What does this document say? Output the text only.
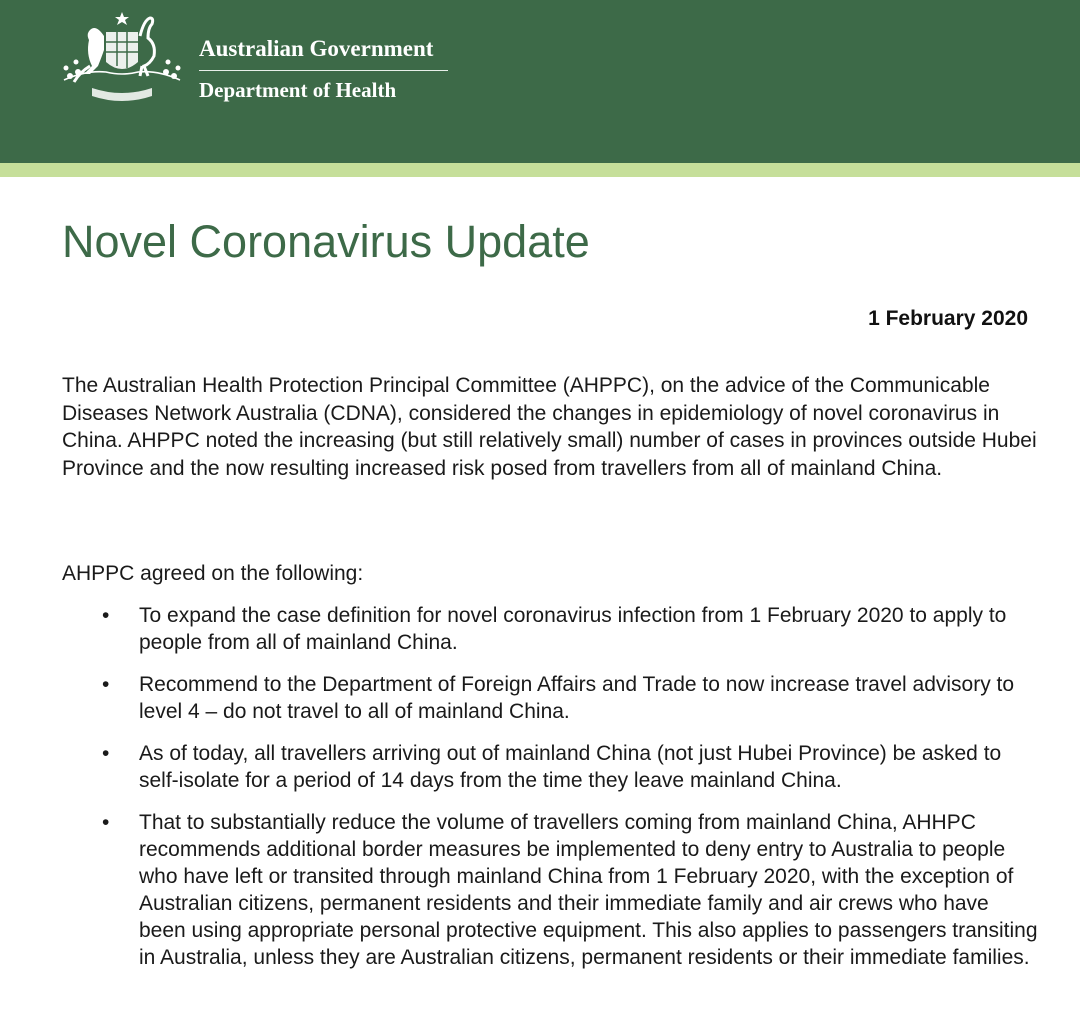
Australian Government
Department of Health
Novel Coronavirus Update
1 February 2020

The Australian Health Protection Principal Committee (AHPPC), on the advice of the Communicable Diseases Network Australia (CDNA), considered the changes in epidemiology of novel coronavirus in China. AHPPC noted the increasing (but still relatively small) number of cases in provinces outside Hubei Province and the now resulting increased risk posed from travellers from all of mainland China.

AHPPC agreed on the following:

• To expand the case definition for novel coronavirus infection from 1 February 2020 to apply to people from all of mainland China.
• Recommend to the Department of Foreign Affairs and Trade to now increase travel advisory to level 4 – do not travel to all of mainland China.
• As of today, all travellers arriving out of mainland China (not just Hubei Province) be asked to self-isolate for a period of 14 days from the time they leave mainland China.
• That to substantially reduce the volume of travellers coming from mainland China, AHHPC recommends additional border measures be implemented to deny entry to Australia to people who have left or transited through mainland China from 1 February 2020, with the exception of Australian citizens, permanent residents and their immediate family and air crews who have been using appropriate personal protective equipment. This also applies to passengers transiting in Australia, unless they are Australian citizens, permanent residents or their immediate families.
